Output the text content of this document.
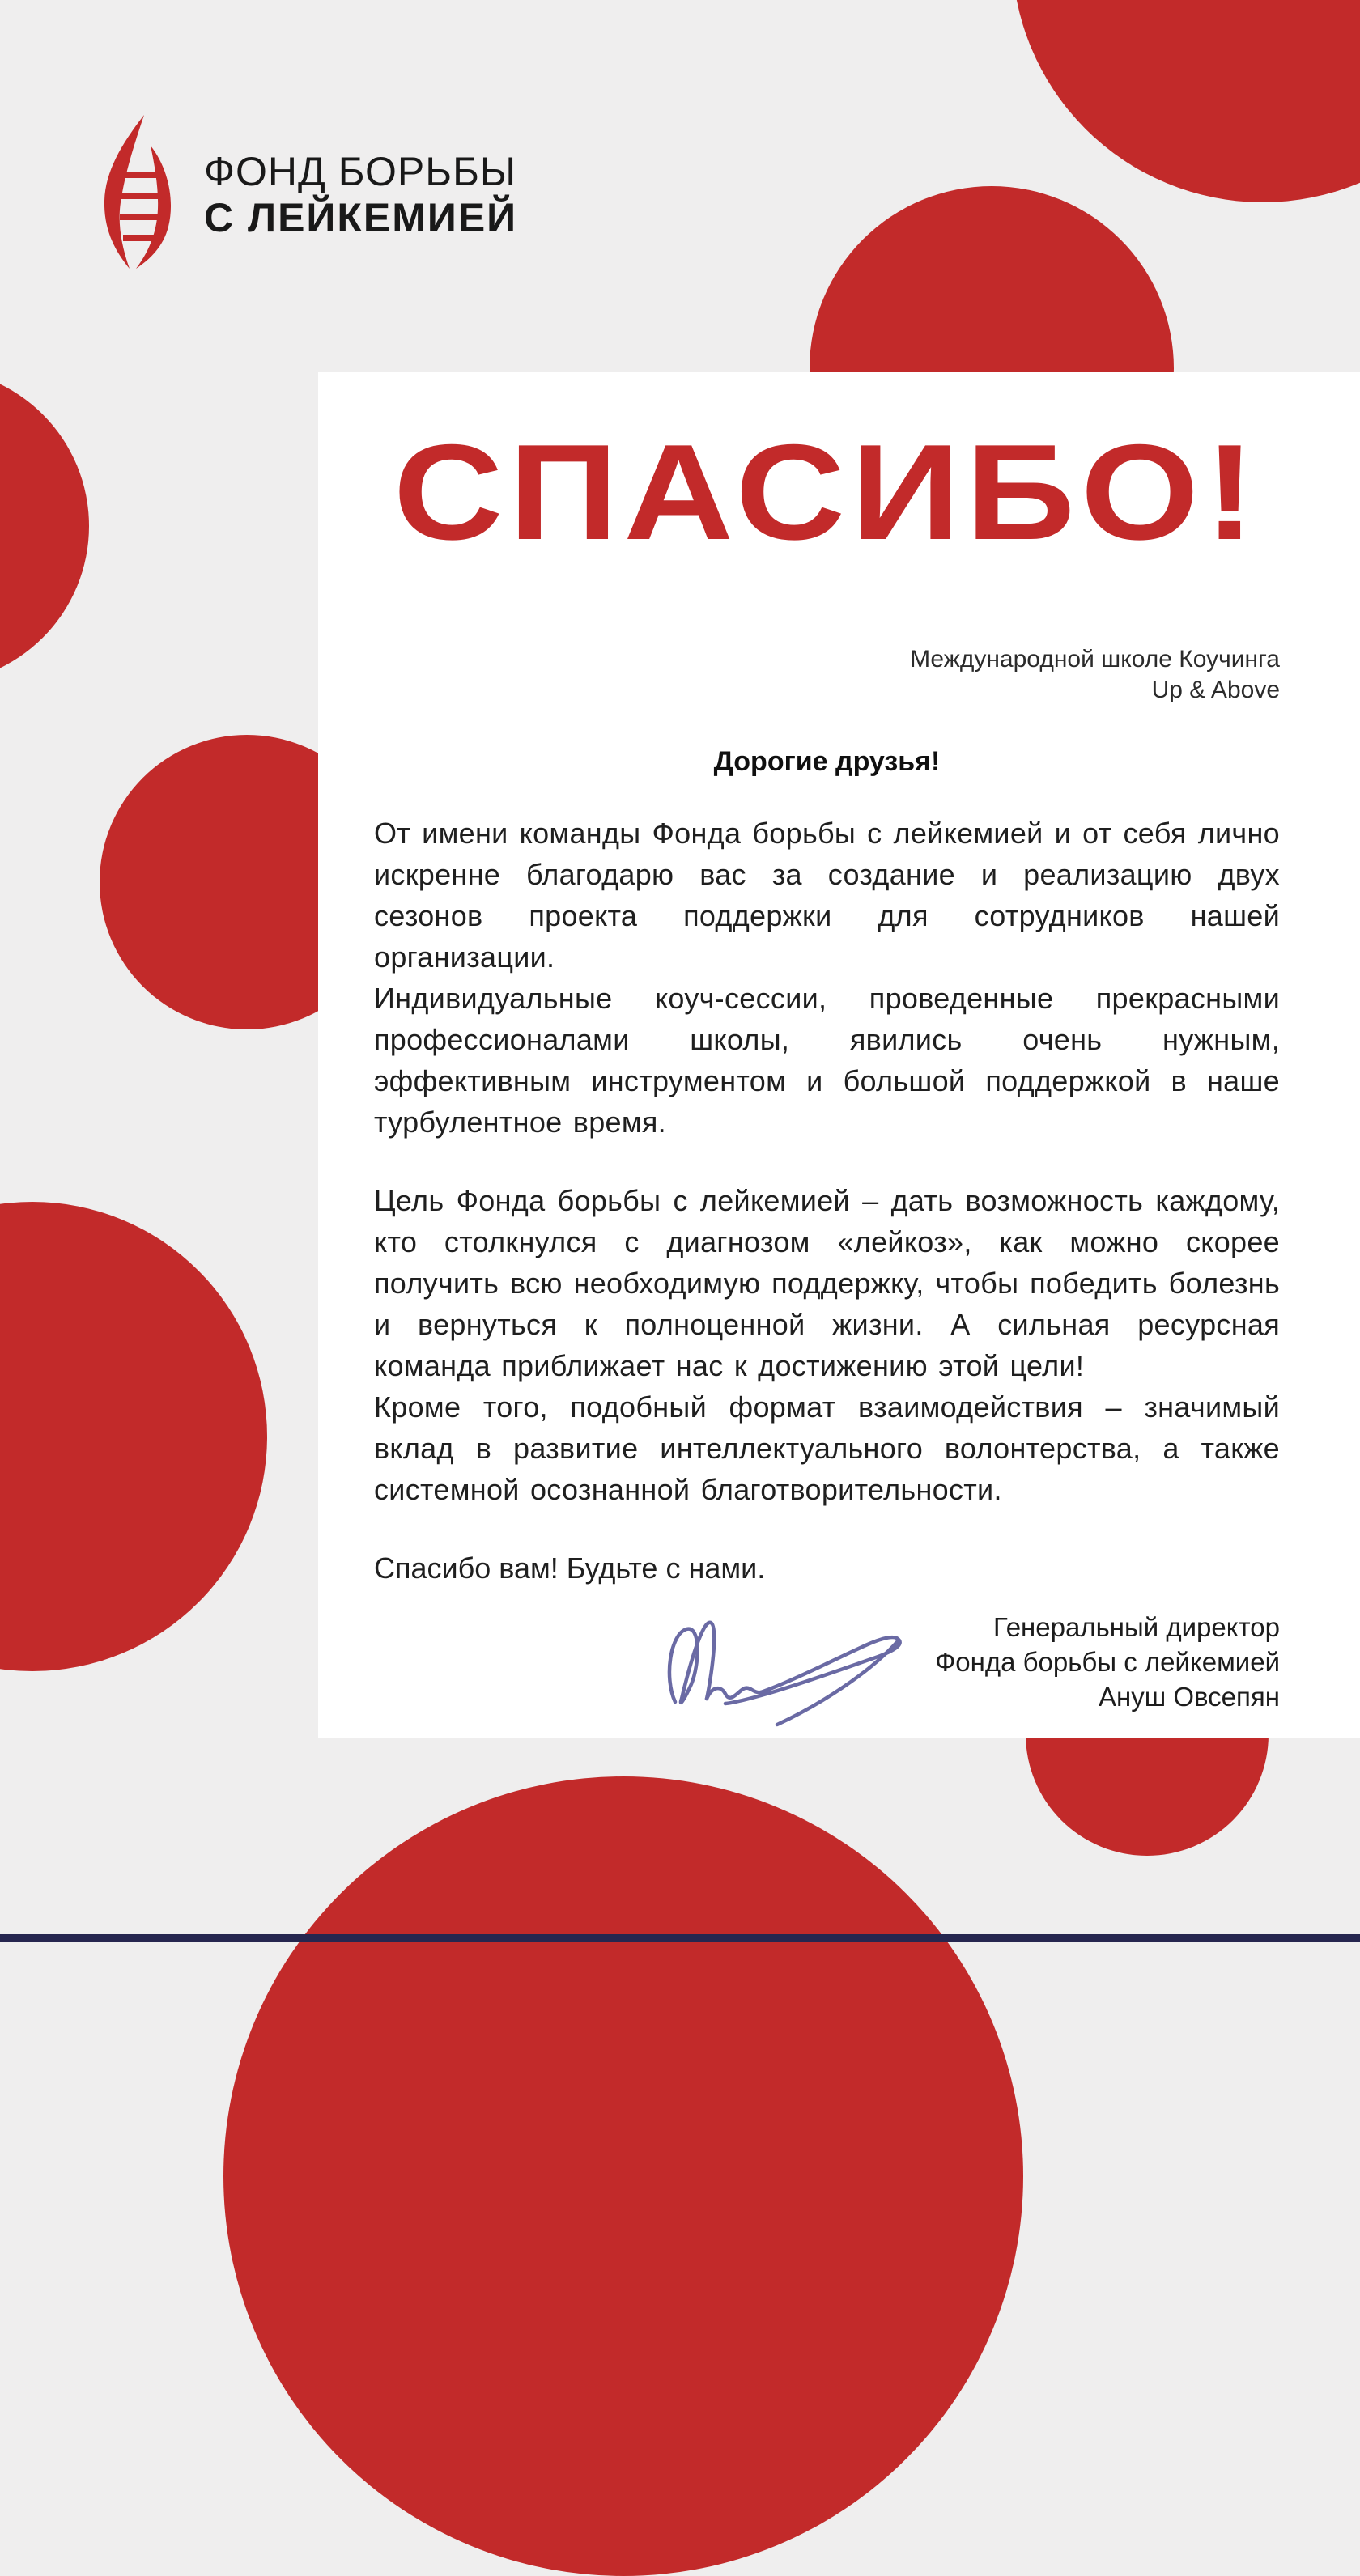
ФОНД БОРЬБЫ
С ЛЕЙКЕМИЕЙ
СПАСИБО!
Международной школе Коучинга
Up & Above
Дорогие друзья!

От имени команды Фонда борьбы с лейкемией и от себя лично искренне благодарю вас за создание и реализацию двух сезонов проекта поддержки для сотрудников нашей организации.

Индивидуальные коуч-сессии, проведенные прекрасными профессионалами школы, явились очень нужным, эффективным инструментом и большой поддержкой в наше турбулентное время.

Цель Фонда борьбы с лейкемией – дать возможность каждому, кто столкнулся с диагнозом «лейкоз», как можно скорее получить всю необходимую поддержку, чтобы победить болезнь и вернуться к полноценной жизни. А сильная ресурсная команда приближает нас к достижению этой цели!

Кроме того, подобный формат взаимодействия – значимый вклад в развитие интеллектуального волонтерства, а также системной осознанной благотворительности.

Спасибо вам! Будьте с нами.
Генеральный директор
Фонда борьбы с лейкемией
Ануш Овсепян
